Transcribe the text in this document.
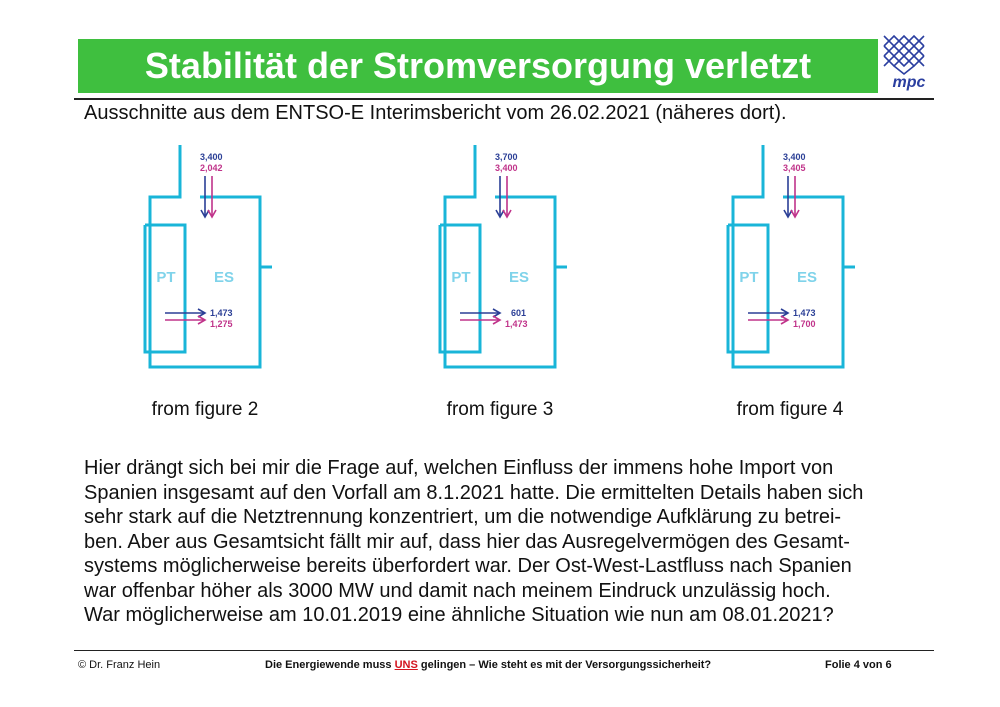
Stabilität der Stromversorgung verletzt	mpc
Ausschnitte aus dem ENTSO-E Interimsbericht vom 26.02.2021 (näheres dort).
PT	ES
3,400
2,042
1,473
1,275
PT	ES
3,700
3,400
601
1,473
PT	ES
3,400
3,405
1,473
1,700
from figure 2	from figure 3	from figure 4

Hier drängt sich bei mir die Frage auf, welchen Einfluss der immens hohe Import von
Spanien insgesamt auf den Vorfall am 8.1.2021 hatte. Die ermittelten Details haben sich
sehr stark auf die Netztrennung konzentriert, um die notwendige Aufklärung zu betrei-
ben. Aber aus Gesamtsicht fällt mir auf, dass hier das Ausregelvermögen des Gesamt-
systems möglicherweise bereits überfordert war. Der Ost-West-Lastfluss nach Spanien
war offenbar höher als 3000 MW und damit nach meinem Eindruck unzulässig hoch.
War möglicherweise am 10.01.2019 eine ähnliche Situation wie nun am 08.01.2021?

© Dr. Franz Hein	Die Energiewende muss UNS gelingen – Wie steht es mit der Versorgungssicherheit?	Folie 4 von 6
